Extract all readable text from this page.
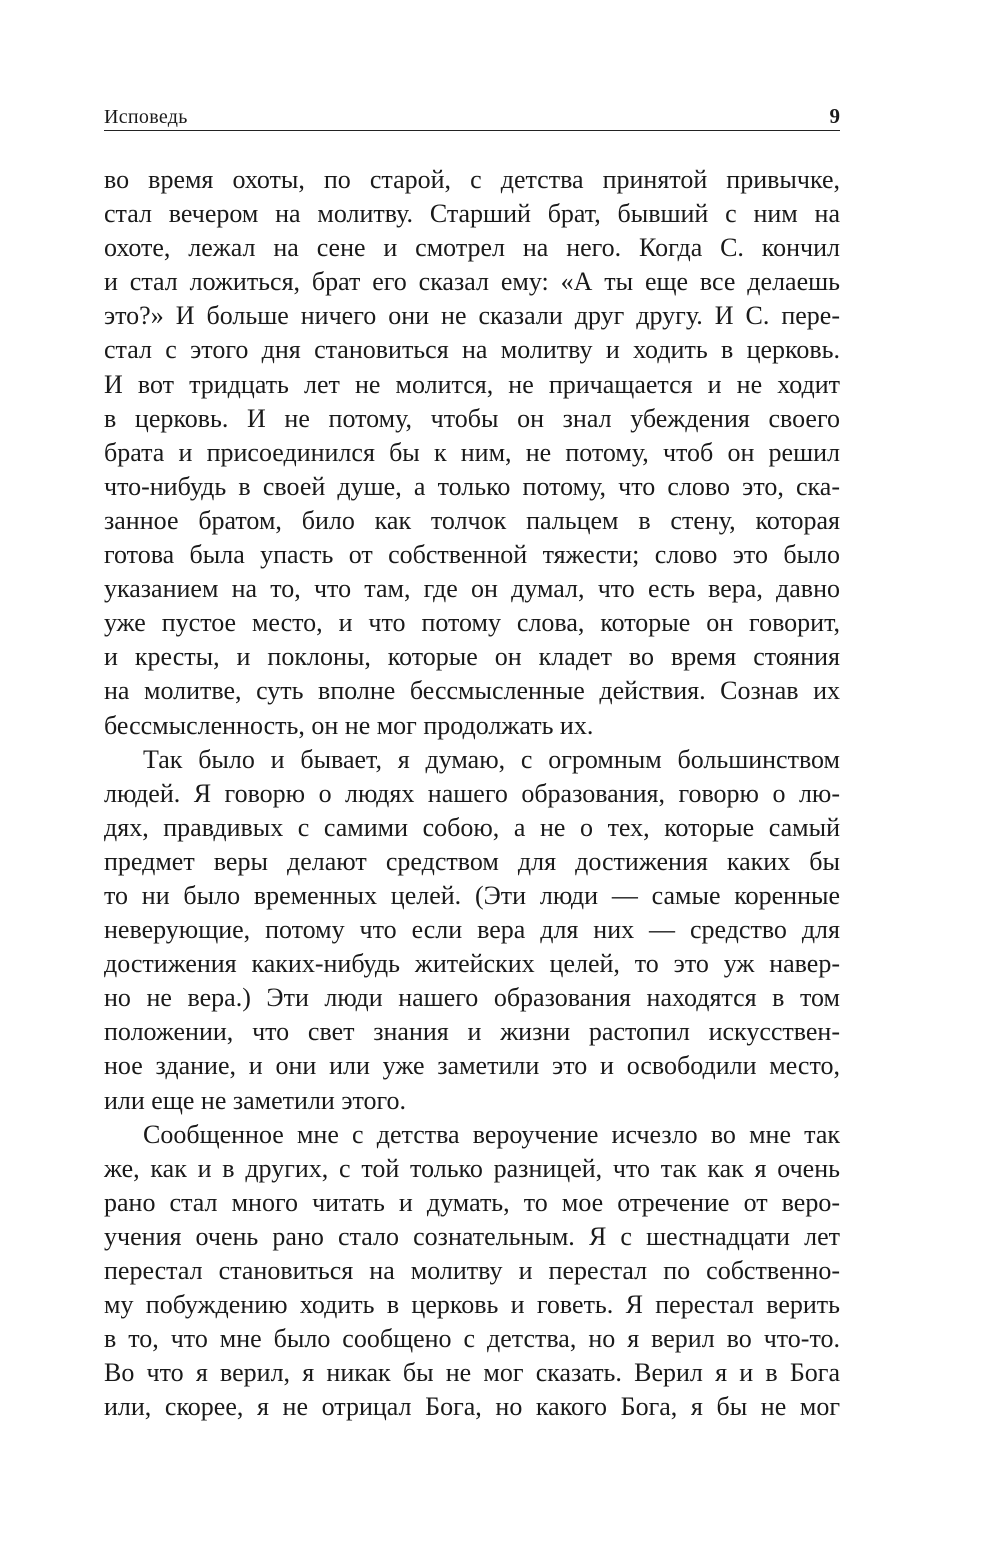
Исповедь	9
во время охоты, по старой, с детства принятой привычке,
стал вечером на молитву. Старший брат, бывший с ним на
охоте, лежал на сене и смотрел на него. Когда С. кончил
и стал ложиться, брат его сказал ему: «А ты еще все делаешь
это?» И больше ничего они не сказали друг другу. И С. пере-
стал с этого дня становиться на молитву и ходить в церковь.
И вот тридцать лет не молится, не причащается и не ходит
в церковь. И не потому, чтобы он знал убеждения своего
брата и присоединился бы к ним, не потому, чтоб он решил
что-нибудь в своей душе, а только потому, что слово это, ска-
занное братом, било как толчок пальцем в стену, которая
готова была упасть от собственной тяжести; слово это было
указанием на то, что там, где он думал, что есть вера, давно
уже пустое место, и что потому слова, которые он говорит,
и кресты, и поклоны, которые он кладет во время стояния
на молитве, суть вполне бессмысленные действия. Сознав их
бессмысленность, он не мог продолжать их.
Так было и бывает, я думаю, с огромным большинством
людей. Я говорю о людях нашего образования, говорю о лю-
дях, правдивых с самими собою, а не о тех, которые самый
предмет веры делают средством для достижения каких бы
то ни было временных целей. (Эти люди — самые коренные
неверующие, потому что если вера для них — средство для
достижения каких-нибудь житейских целей, то это уж навер-
но не вера.) Эти люди нашего образования находятся в том
положении, что свет знания и жизни растопил искусствен-
ное здание, и они или уже заметили это и освободили место,
или еще не заметили этого.
Сообщенное мне с детства вероучение исчезло во мне так
же, как и в других, с той только разницей, что так как я очень
рано стал много читать и думать, то мое отречение от веро-
учения очень рано стало сознательным. Я с шестнадцати лет
перестал становиться на молитву и перестал по собственно-
му побуждению ходить в церковь и говеть. Я перестал верить
в то, что мне было сообщено с детства, но я верил во что-то.
Во что я верил, я никак бы не мог сказать. Верил я и в Бога
или, скорее, я не отрицал Бога, но какого Бога, я бы не мог
